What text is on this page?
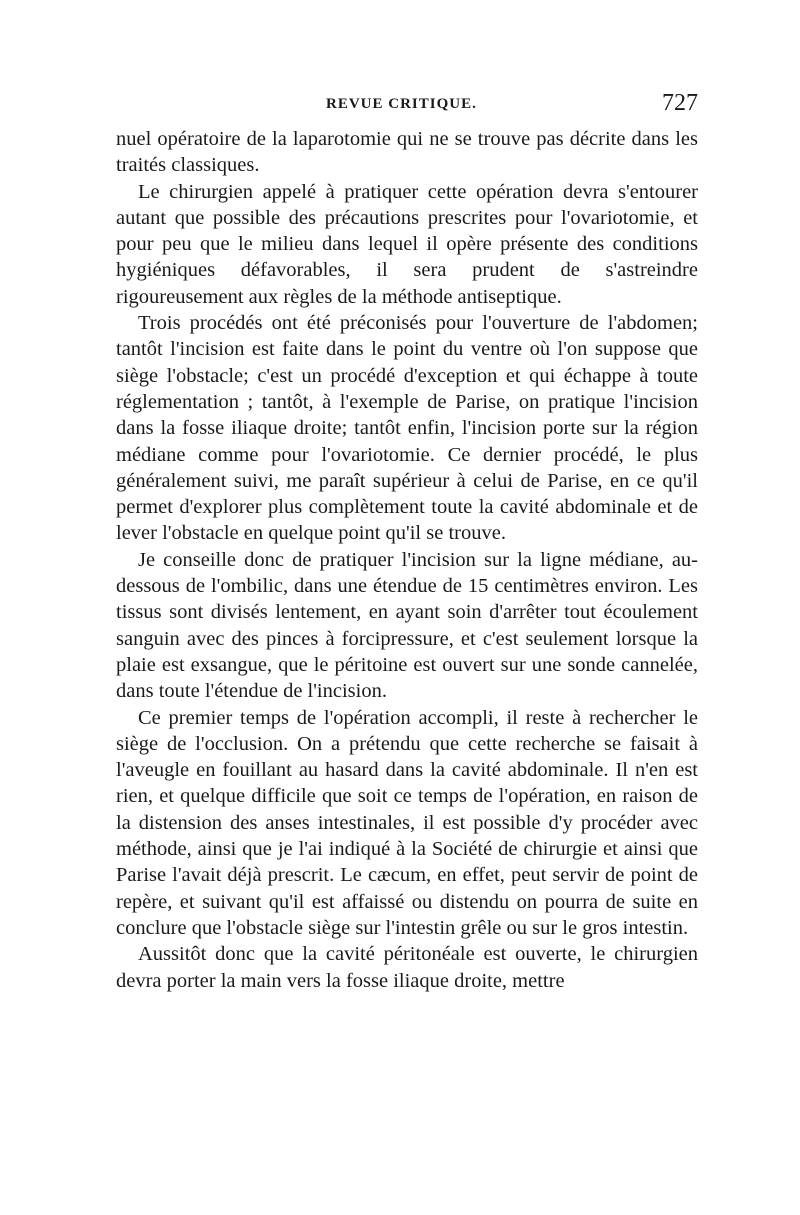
REVUE CRITIQUE.	727

nuel opératoire de la laparotomie qui ne se trouve pas décrite dans les traités classiques.

Le chirurgien appelé à pratiquer cette opération devra s'entourer autant que possible des précautions prescrites pour l'ovariotomie, et pour peu que le milieu dans lequel il opère présente des conditions hygiéniques défavorables, il sera prudent de s'astreindre rigoureusement aux règles de la méthode antiseptique.

Trois procédés ont été préconisés pour l'ouverture de l'abdomen; tantôt l'incision est faite dans le point du ventre où l'on suppose que siège l'obstacle; c'est un procédé d'exception et qui échappe à toute réglementation ; tantôt, à l'exemple de Parise, on pratique l'incision dans la fosse iliaque droite; tantôt enfin, l'incision porte sur la région médiane comme pour l'ovariotomie. Ce dernier procédé, le plus généralement suivi, me paraît supérieur à celui de Parise, en ce qu'il permet d'explorer plus complètement toute la cavité abdominale et de lever l'obstacle en quelque point qu'il se trouve.

Je conseille donc de pratiquer l'incision sur la ligne médiane, au-dessous de l'ombilic, dans une étendue de 15 centimètres environ. Les tissus sont divisés lentement, en ayant soin d'arrêter tout écoulement sanguin avec des pinces à forcipressure, et c'est seulement lorsque la plaie est exsangue, que le péritoine est ouvert sur une sonde cannelée, dans toute l'étendue de l'incision.

Ce premier temps de l'opération accompli, il reste à rechercher le siège de l'occlusion. On a prétendu que cette recherche se faisait à l'aveugle en fouillant au hasard dans la cavité abdominale. Il n'en est rien, et quelque difficile que soit ce temps de l'opération, en raison de la distension des anses intestinales, il est possible d'y procéder avec méthode, ainsi que je l'ai indiqué à la Société de chirurgie et ainsi que Parise l'avait déjà prescrit. Le cæcum, en effet, peut servir de point de repère, et suivant qu'il est affaissé ou distendu on pourra de suite en conclure que l'obstacle siège sur l'intestin grêle ou sur le gros intestin.

Aussitôt donc que la cavité péritonéale est ouverte, le chirurgien devra porter la main vers la fosse iliaque droite, mettre
